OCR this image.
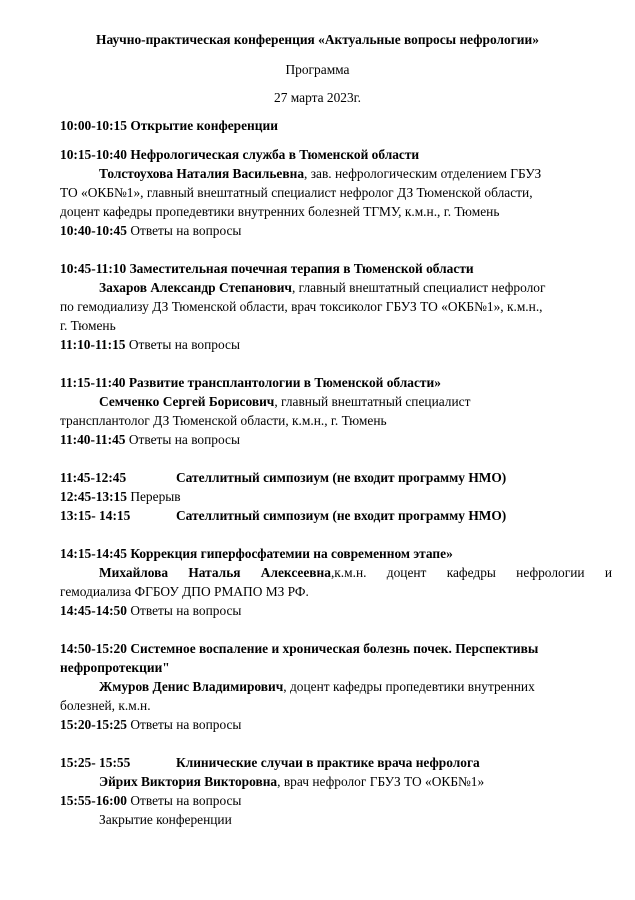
Научно-практическая конференция «Актуальные вопросы нефрологии»
Программа
27 марта 2023г.

10:00-10:15 Открытие конференции

10:15-10:40 Нефрологическая служба в Тюменской области

Толстоухова Наталия Васильевна, зав. нефрологическим отделением ГБУЗ

ТО «ОКБ№1», главный внештатный специалист нефролог ДЗ Тюменской области,

доцент кафедры пропедевтики внутренних болезней ТГМУ, к.м.н., г. Тюмень

10:40-10:45 Ответы на вопросы

10:45-11:10 Заместительная почечная терапия в Тюменской области

Захаров Александр Степанович, главный внештатный специалист нефролог

по гемодиализу ДЗ Тюменской области, врач токсиколог ГБУЗ ТО «ОКБ№1», к.м.н.,

г. Тюмень

11:10-11:15 Ответы на вопросы

11:15-11:40 Развитие трансплантологии в Тюменской области»

Семченко Сергей Борисович, главный внештатный специалист

трансплантолог ДЗ Тюменской области, к.м.н., г. Тюмень

11:40-11:45 Ответы на вопросы

11:45-12:45	Сателлитный симпозиум (не входит программу НМО)

12:45-13:15 Перерыв

13:15- 14:15	Сателлитный симпозиум (не входит программу НМО)

14:15-14:45 Коррекция гиперфосфатемии на современном этапе»

Михайлова Наталья Алексеевна,к.м.н. доцент кафедры нефрологии и

гемодиализа ФГБОУ ДПО РМАПО МЗ РФ.

14:45-14:50 Ответы на вопросы

14:50-15:20 Системное воспаление и хроническая болезнь почек. Перспективы

нефропротекции"

Жмуров Денис Владимирович, доцент кафедры пропедевтики внутренних

болезней, к.м.н.

15:20-15:25 Ответы на вопросы

15:25- 15:55	Клинические случаи в практике врача нефролога

Эйрих Виктория Викторовна, врач нефролог ГБУЗ ТО «ОКБ№1»

15:55-16:00 Ответы на вопросы

Закрытие конференции
